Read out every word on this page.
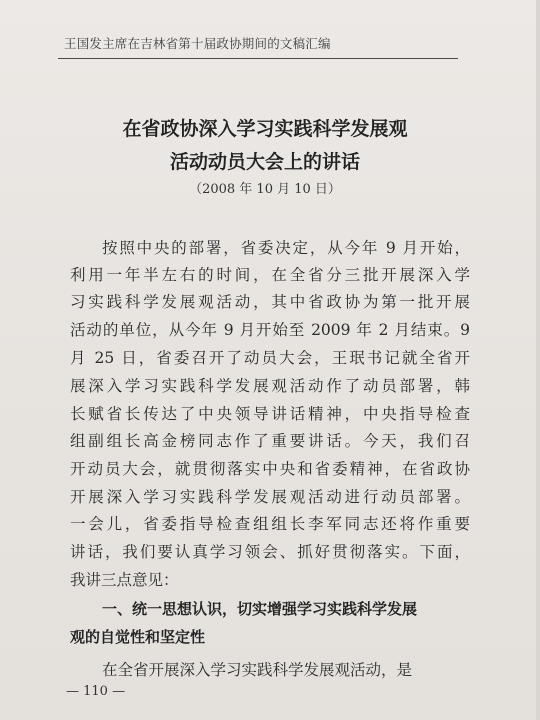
王国发主席在吉林省第十届政协期间的文稿汇编
在省政协深入学习实践科学发展观
活动动员大会上的讲话
（2008 年 10 月 10 日）
按照中央的部署，省委决定，从今年 9 月开始，
利用一年半左右的时间，在全省分三批开展深入学
习实践科学发展观活动，其中省政协为第一批开展
活动的单位，从今年 9 月开始至 2009 年 2 月结束。9
月 25 日，省委召开了动员大会，王珉书记就全省开
展深入学习实践科学发展观活动作了动员部署，韩
长赋省长传达了中央领导讲话精神，中央指导检查
组副组长高金榜同志作了重要讲话。今天，我们召
开动员大会，就贯彻落实中央和省委精神，在省政协
开展深入学习实践科学发展观活动进行动员部署。
一会儿，省委指导检查组组长李军同志还将作重要
讲话，我们要认真学习领会、抓好贯彻落实。下面，
我讲三点意见：
一、统一思想认识，切实增强学习实践科学发展
观的自觉性和坚定性
在全省开展深入学习实践科学发展观活动，是
— 110 —
